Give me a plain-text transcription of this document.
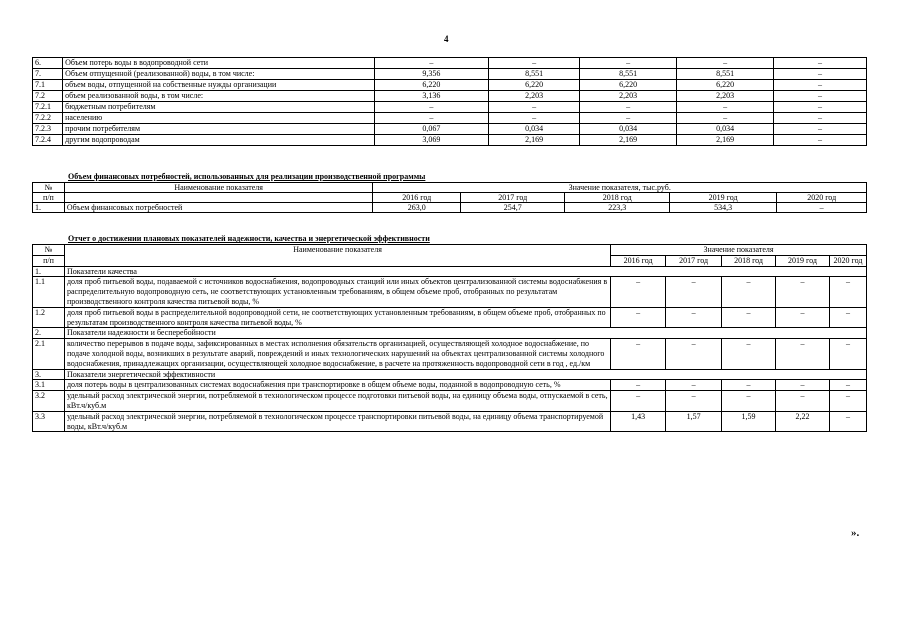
4
6.	Объем потерь воды в водопроводной сети	–	–	–	–	–
7.	Объем отпущенной (реализованной) воды, в том числе:	9,356	8,551	8,551	8,551	–
7.1	объем воды, отпущенной на собственные нужды организации	6,220	6,220	6,220	6,220	–
7.2	объем реализованной воды, в том числе:	3,136	2,203	2,203	2,203	–
7.2.1	бюджетным потребителям	–	–	–	–	–
7.2.2	населению	–	–	–	–	–
7.2.3	прочим потребителям	0,067	0,034	0,034	0,034	–
7.2.4	другим водопроводам	3,069	2,169	2,169	2,169	–
Объем финансовых потребностей, использованных для реализации производственной программы
№	Наименование показателя	Значение показателя, тыс.руб.				
п/п		2016 год	2017 год	2018 год	2019 год	2020 год
1.	Объем финансовых потребностей	263,0	254,7	223,3	534,3	–
Отчет о достижении плановых показателей надежности, качества и энергетической эффективности
№	Наименование показателя	Значение показателя				
п/п		2016 год	2017 год	2018 год	2019 год	2020 год
1.	Показатели качества					
1.1	доля проб питьевой воды, подаваемой с источников водоснабжения, водопроводных станций или иных объектов централизованной системы водоснабжения в распределительную водопроводную сеть, не соответствующих установленным требованиям, в общем объеме проб, отобранных по результатам производственного контроля качества питьевой воды, %	–	–	–	–	–
1.2	доля проб питьевой воды в распределительной водопроводной сети, не соответствующих установленным требованиям, в общем объеме проб, отобранных по результатам производственного контроля качества питьевой воды, %	–	–	–	–	–
2.	Показатели надежности и бесперебойности					
2.1	количество перерывов в подаче воды, зафиксированных в местах исполнения обязательств организацией, осуществляющей холодное водоснабжение, по подаче холодной воды, возникших в результате аварий, повреждений и иных технологических нарушений на объектах централизованной системы холодного водоснабжения, принадлежащих организации, осуществляющей холодное водоснабжение, в расчете на протяженность водопроводной сети в год , ед./км	–	–	–	–	–
3.	Показатели энергетической эффективности					
3.1	доля потерь воды в централизованных системах водоснабжения при транспортировке в общем объеме воды, поданной в водопроводную сеть, %	–	–	–	–	–
3.2	удельный расход электрической энергии, потребляемой в технологическом процессе подготовки питьевой воды, на единицу объема воды, отпускаемой в сеть, кВт.ч/куб.м	–	–	–	–	–
3.3	удельный расход электрической энергии, потребляемой в технологическом процессе транспортировки питьевой воды, на единицу объема транспортируемой воды, кВт.ч/куб.м	1,43	1,57	1,59	2,22	–
».
